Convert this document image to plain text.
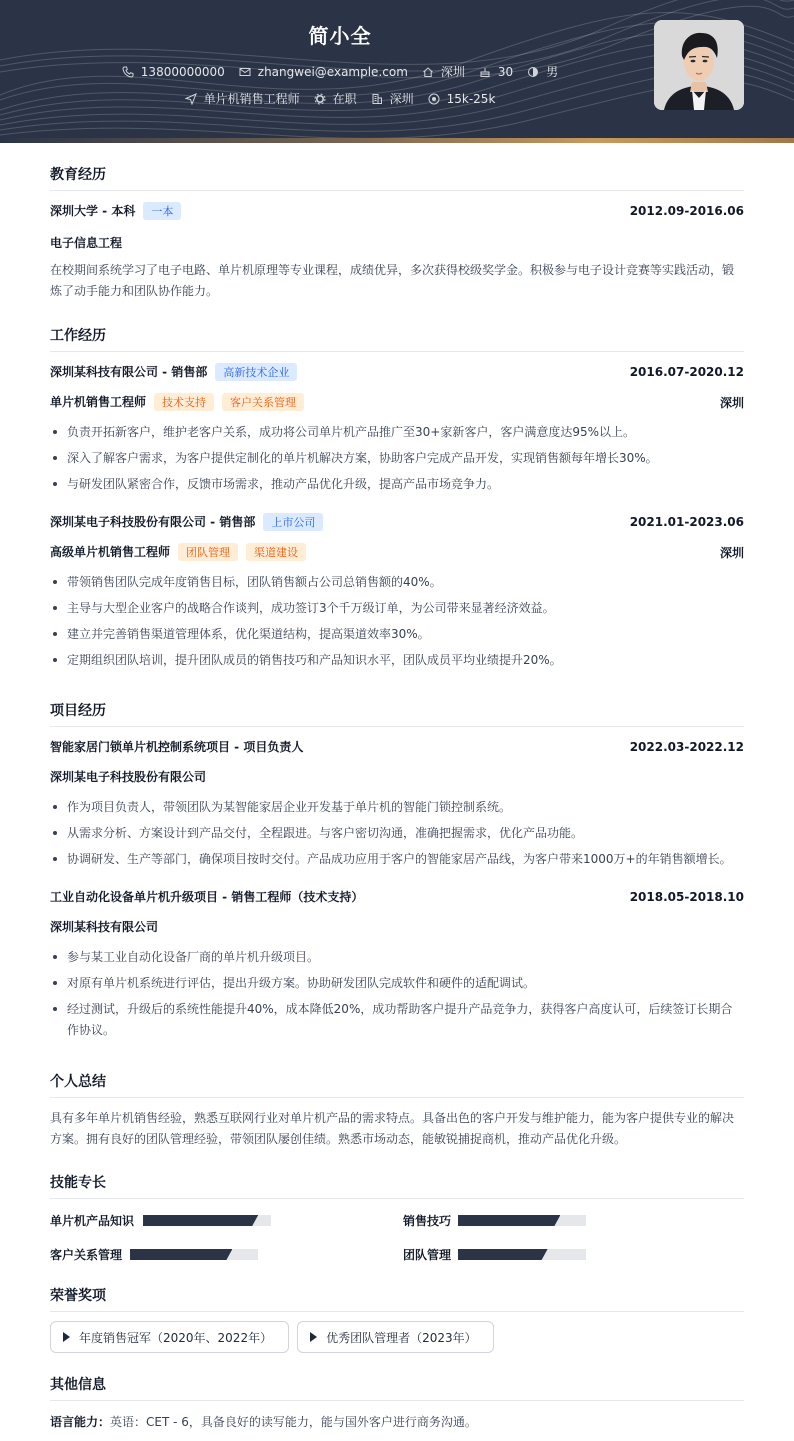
简小全
13800000000	zhangwei@example.com	深圳	30	男
单片机销售工程师	在职	深圳	15k-25k
教育经历
深圳大学 - 本科 一本	2012.09-2016.06
电子信息工程
在校期间系统学习了电子电路、单片机原理等专业课程，成绩优异，多次获得校级奖学金。积极参与电子设计竞赛等实践活动，锻炼了动手能力和团队协作能力。
工作经历
深圳某科技有限公司 - 销售部 高新技术企业	2016.07-2020.12
单片机销售工程师 技术支持 客户关系管理	深圳
负责开拓新客户，维护老客户关系，成功将公司单片机产品推广至30+家新客户，客户满意度达95%以上。
深入了解客户需求，为客户提供定制化的单片机解决方案，协助客户完成产品开发，实现销售额每年增长30%。
与研发团队紧密合作，反馈市场需求，推动产品优化升级，提高产品市场竞争力。
深圳某电子科技股份有限公司 - 销售部 上市公司	2021.01-2023.06
高级单片机销售工程师 团队管理 渠道建设	深圳
带领销售团队完成年度销售目标，团队销售额占公司总销售额的40%。
主导与大型企业客户的战略合作谈判，成功签订3个千万级订单，为公司带来显著经济效益。
建立并完善销售渠道管理体系，优化渠道结构，提高渠道效率30%。
定期组织团队培训，提升团队成员的销售技巧和产品知识水平，团队成员平均业绩提升20%。
项目经历
智能家居门锁单片机控制系统项目 - 项目负责人	2022.03-2022.12
深圳某电子科技股份有限公司
作为项目负责人，带领团队为某智能家居企业开发基于单片机的智能门锁控制系统。
从需求分析、方案设计到产品交付，全程跟进。与客户密切沟通，准确把握需求，优化产品功能。
协调研发、生产等部门，确保项目按时交付。产品成功应用于客户的智能家居产品线，为客户带来1000万+的年销售额增长。
工业自动化设备单片机升级项目 - 销售工程师（技术支持）	2018.05-2018.10
深圳某科技有限公司
参与某工业自动化设备厂商的单片机升级项目。
对原有单片机系统进行评估，提出升级方案。协助研发团队完成软件和硬件的适配调试。
经过测试，升级后的系统性能提升40%，成本降低20%，成功帮助客户提升产品竞争力，获得客户高度认可，后续签订长期合作协议。
个人总结
具有多年单片机销售经验，熟悉互联网行业对单片机产品的需求特点。具备出色的客户开发与维护能力，能为客户提供专业的解决方案。拥有良好的团队管理经验，带领团队屡创佳绩。熟悉市场动态，能敏锐捕捉商机，推动产品优化升级。
技能专长
单片机产品知识	销售技巧
客户关系管理	团队管理
荣誉奖项
年度销售冠军（2020年、2022年）	优秀团队管理者（2023年）
其他信息
语言能力：英语：CET - 6，具备良好的读写能力，能与国外客户进行商务沟通。
